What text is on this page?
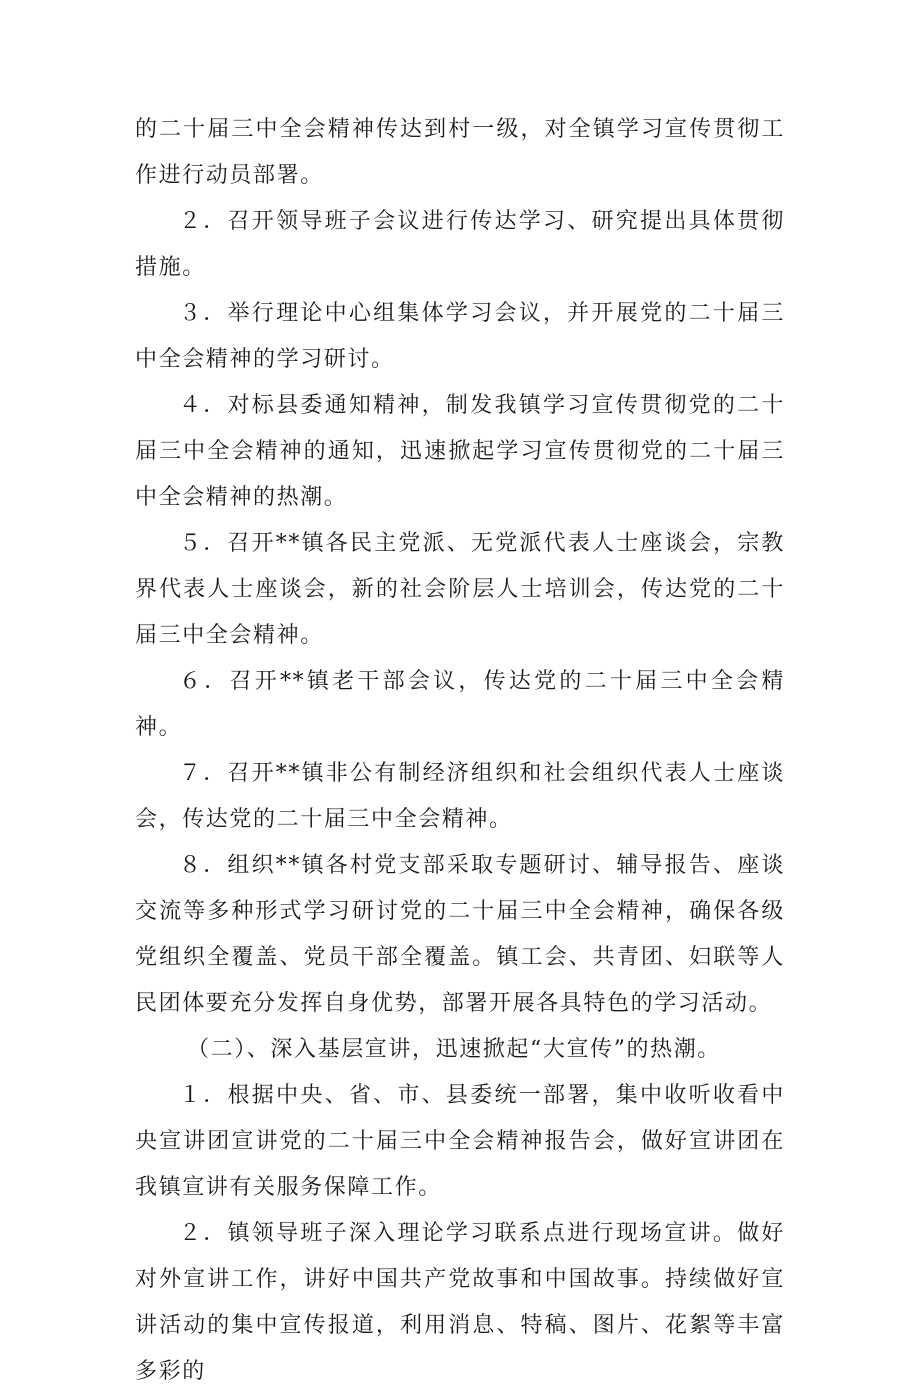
的二十届三中全会精神传达到村一级，对全镇学习宣传贯彻工作进行动员部署。

２．召开领导班子会议进行传达学习、研究提出具体贯彻措施。

３．举行理论中心组集体学习会议，并开展党的二十届三中全会精神的学习研讨。

４．对标县委通知精神，制发我镇学习宣传贯彻党的二十届三中全会精神的通知，迅速掀起学习宣传贯彻党的二十届三中全会精神的热潮。

５．召开**镇各民主党派、无党派代表人士座谈会，宗教界代表人士座谈会，新的社会阶层人士培训会，传达党的二十届三中全会精神。

６．召开**镇老干部会议，传达党的二十届三中全会精神。

７．召开**镇非公有制经济组织和社会组织代表人士座谈会，传达党的二十届三中全会精神。

８．组织**镇各村党支部采取专题研讨、辅导报告、座谈交流等多种形式学习研讨党的二十届三中全会精神，确保各级党组织全覆盖、党员干部全覆盖。镇工会、共青团、妇联等人民团体要充分发挥自身优势，部署开展各具特色的学习活动。

（二）、深入基层宣讲，迅速掀起“大宣传”的热潮。

１．根据中央、省、市、县委统一部署，集中收听收看中央宣讲团宣讲党的二十届三中全会精神报告会，做好宣讲团在我镇宣讲有关服务保障工作。

２．镇领导班子深入理论学习联系点进行现场宣讲。做好对外宣讲工作，讲好中国共产党故事和中国故事。持续做好宣讲活动的集中宣传报道，利用消息、特稿、图片、花絮等丰富多彩的
